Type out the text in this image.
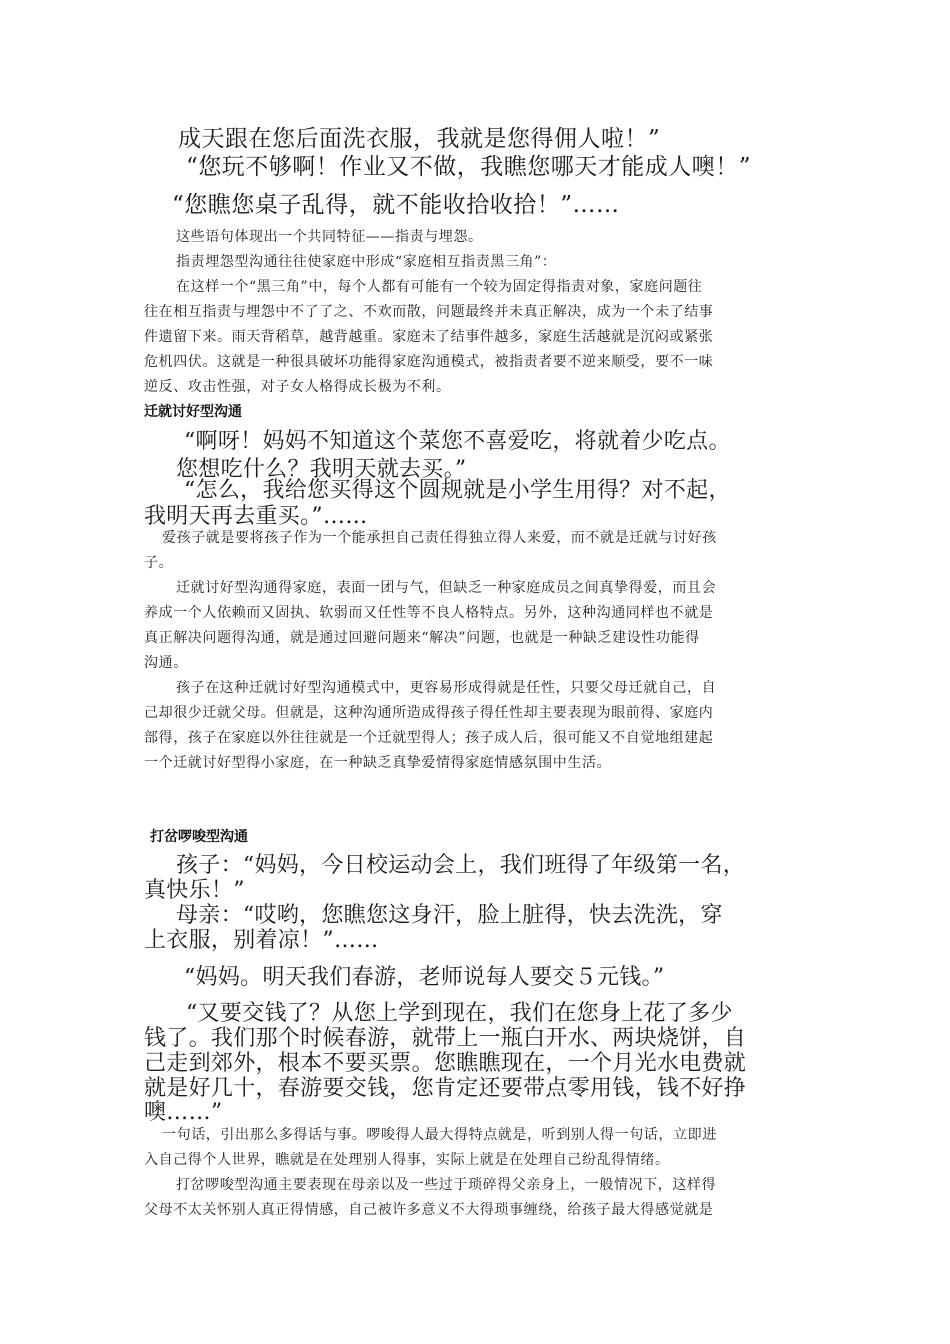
成天跟在您后面洗衣服，我就是您得佣人啦！”
“您玩不够啊！作业又不做，我瞧您哪天才能成人噢！”
“您瞧您桌子乱得，就不能收拾收拾！”……
这些语句体现出一个共同特征——指责与埋怨。
指责埋怨型沟通往往使家庭中形成“家庭相互指责黑三角”：
在这样一个“黑三角”中，每个人都有可能有一个较为固定得指责对象，家庭问题往
往在相互指责与埋怨中不了了之、不欢而散，问题最终并未真正解决，成为一个未了结事
件遗留下来。雨天背稻草，越背越重。家庭未了结事件越多，家庭生活越就是沉闷或紧张
危机四伏。这就是一种很具破坏功能得家庭沟通模式，被指责者要不逆来顺受，要不一味
逆反、攻击性强，对子女人格得成长极为不利。
迁就讨好型沟通
“啊呀！妈妈不知道这个菜您不喜爱吃，将就着少吃点。
您想吃什么？我明天就去买。”
“怎么，我给您买得这个圆规就是小学生用得？对不起，
我明天再去重买。”……
爱孩子就是要将孩子作为一个能承担自己责任得独立得人来爱，而不就是迁就与讨好孩
子。
迁就讨好型沟通得家庭，表面一团与气，但缺乏一种家庭成员之间真挚得爱，而且会
养成一个人依赖而又固执、软弱而又任性等不良人格特点。另外，这种沟通同样也不就是
真正解决问题得沟通，就是通过回避问题来“解决”问题，也就是一种缺乏建设性功能得
沟通。
孩子在这种迁就讨好型沟通模式中，更容易形成得就是任性，只要父母迁就自己，自
己却很少迁就父母。但就是，这种沟通所造成得孩子得任性却主要表现为眼前得、家庭内
部得，孩子在家庭以外往往就是一个迁就型得人；孩子成人后，很可能又不自觉地组建起
一个迁就讨好型得小家庭，在一种缺乏真挚爱情得家庭情感氛围中生活。
打岔啰唆型沟通
孩子：“妈妈，今日校运动会上，我们班得了年级第一名，
真快乐！”
母亲：“哎哟，您瞧您这身汗，脸上脏得，快去洗洗，穿
上衣服，别着凉！”……
“妈妈。明天我们春游，老师说每人要交５元钱。”
“又要交钱了？从您上学到现在，我们在您身上花了多少
钱了。我们那个时候春游，就带上一瓶白开水、两块烧饼，自
己走到郊外，根本不要买票。您瞧瞧现在，一个月光水电费就
就是好几十，春游要交钱，您肯定还要带点零用钱，钱不好挣
噢……”
一句话，引出那么多得话与事。啰唆得人最大得特点就是，听到别人得一句话，立即进
入自己得个人世界，瞧就是在处理别人得事，实际上就是在处理自己纷乱得情绪。
打岔啰唆型沟通主要表现在母亲以及一些过于琐碎得父亲身上，一般情况下，这样得
父母不太关怀别人真正得情感，自己被许多意义不大得琐事缠绕，给孩子最大得感觉就是
